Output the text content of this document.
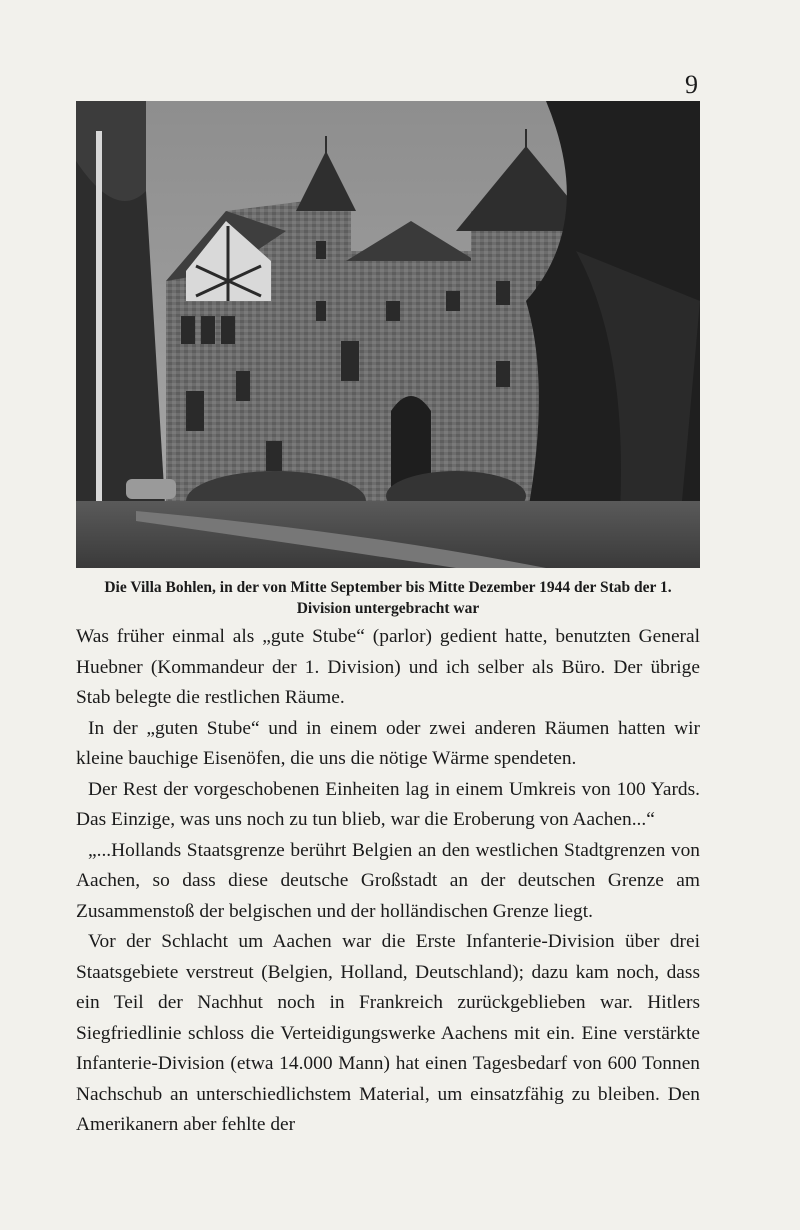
9
Die Villa Bohlen, in der von Mitte September bis Mitte Dezember 1944 der Stab der 1. Division untergebracht war

Was früher einmal als „gute Stube“ (parlor) gedient hatte, benutzten General Huebner (Kommandeur der 1. Division) und ich selber als Büro. Der übrige Stab belegte die restlichen Räume.

In der „guten Stube“ und in einem oder zwei anderen Räumen hatten wir kleine bauchige Eisenöfen, die uns die nötige Wärme spendeten.

Der Rest der vorgeschobenen Einheiten lag in einem Umkreis von 100 Yards. Das Einzige, was uns noch zu tun blieb, war die Eroberung von Aachen...“

„...Hollands Staatsgrenze berührt Belgien an den westlichen Stadtgrenzen von Aachen, so dass diese deutsche Großstadt an der deutschen Grenze am Zusammenstoß der belgischen und der holländischen Grenze liegt.

Vor der Schlacht um Aachen war die Erste Infanterie-Division über drei Staatsgebiete verstreut (Belgien, Holland, Deutschland); dazu kam noch, dass ein Teil der Nachhut noch in Frankreich zurückgeblieben war. Hitlers Siegfriedlinie schloss die Verteidigungswerke Aachens mit ein. Eine verstärkte Infanterie-Division (etwa 14.000 Mann) hat einen Tagesbedarf von 600 Tonnen Nachschub an unterschiedlichstem Material, um einsatzfähig zu bleiben. Den Amerikanern aber fehlte der
